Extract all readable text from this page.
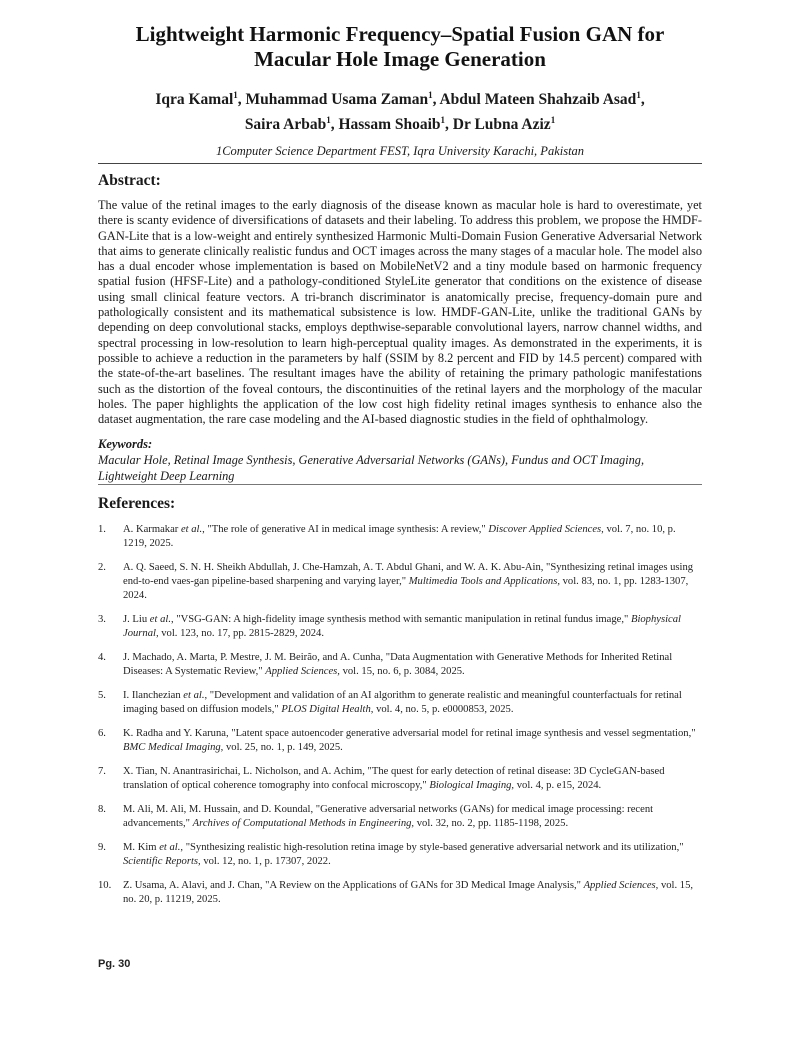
Lightweight Harmonic Frequency–Spatial Fusion GAN for
Macular Hole Image Generation
Iqra Kamal$^1$, Muhammad Usama Zaman$^1$, Abdul Mateen Shahzaib Asad$^1$,
Saira Arbab$^1$, Hassam Shoaib$^1$, Dr Lubna Aziz$^1$
1Computer Science Department FEST, Iqra University Karachi, Pakistan
Abstract:

The value of the retinal images to the early diagnosis of the disease known as macular hole is hard to overestimate, yet there is scanty evidence of diversifications of datasets and their labeling. To address this problem, we propose the HMDF-GAN-Lite that is a low-weight and entirely synthesized Harmonic Multi-Domain Fusion Generative Adversarial Network that aims to generate clinically realistic fundus and OCT images across the many stages of a macular hole. The model also has a dual encoder whose implementation is based on MobileNetV2 and a tiny module based on harmonic frequency spatial fusion (HFSF-Lite) and a pathology-conditioned StyleLite generator that conditions on the existence of disease using small clinical feature vectors. A tri-branch discriminator is anatomically precise, frequency-domain pure and pathologically consistent and its mathematical subsistence is low. HMDF-GAN-Lite, unlike the traditional GANs by depending on deep convolutional stacks, employs depthwise-separable convolutional layers, narrow channel widths, and spectral processing in low-resolution to learn high-perceptual quality images. As demonstrated in the experiments, it is possible to achieve a reduction in the parameters by half (SSIM by 8.2 percent and FID by 14.5 percent) compared with the state-of-the-art baselines. The resultant images have the ability of retaining the primary pathologic manifestations such as the distortion of the foveal contours, the discontinuities of the retinal layers and the morphology of the macular holes. The paper highlights the application of the low cost high fidelity retinal images synthesis to enhance also the dataset augmentation, the rare case modeling and the AI-based diagnostic studies in the field of ophthalmology.

Keywords:

Macular Hole, Retinal Image Synthesis, Generative Adversarial Networks (GANs), Fundus and OCT Imaging, Lightweight Deep Learning

References:
1. A. Karmakar et al., "The role of generative AI in medical image synthesis: A review," Discover Applied Sciences, vol. 7, no. 10, p. 1219, 2025.
2. A. Q. Saeed, S. N. H. Sheikh Abdullah, J. Che-Hamzah, A. T. Abdul Ghani, and W. A. K. Abu-Ain, "Synthesizing retinal images using end-to-end vaes-gan pipeline-based sharpening and varying layer," Multimedia Tools and Applications, vol. 83, no. 1, pp. 1283-1307, 2024.
3. J. Liu et al., "VSG-GAN: A high-fidelity image synthesis method with semantic manipulation in retinal fundus image," Biophysical Journal, vol. 123, no. 17, pp. 2815-2829, 2024.
4. J. Machado, A. Marta, P. Mestre, J. M. Beirão, and A. Cunha, "Data Augmentation with Generative Methods for Inherited Retinal Diseases: A Systematic Review," Applied Sciences, vol. 15, no. 6, p. 3084, 2025.
5. I. Ilanchezian et al., "Development and validation of an AI algorithm to generate realistic and meaningful counterfactuals for retinal imaging based on diffusion models," PLOS Digital Health, vol. 4, no. 5, p. e0000853, 2025.
6. K. Radha and Y. Karuna, "Latent space autoencoder generative adversarial model for retinal image synthesis and vessel segmentation," BMC Medical Imaging, vol. 25, no. 1, p. 149, 2025.
7. X. Tian, N. Anantrasirichai, L. Nicholson, and A. Achim, "The quest for early detection of retinal disease: 3D CycleGAN-based translation of optical coherence tomography into confocal microscopy," Biological Imaging, vol. 4, p. e15, 2024.
8. M. Ali, M. Ali, M. Hussain, and D. Koundal, "Generative adversarial networks (GANs) for medical image processing: recent advancements," Archives of Computational Methods in Engineering, vol. 32, no. 2, pp. 1185-1198, 2025.
9. M. Kim et al., "Synthesizing realistic high-resolution retina image by style-based generative adversarial network and its utilization," Scientific Reports, vol. 12, no. 1, p. 17307, 2022.
10. Z. Usama, A. Alavi, and J. Chan, "A Review on the Applications of GANs for 3D Medical Image Analysis," Applied Sciences, vol. 15, no. 20, p. 11219, 2025.
Pg. 30
